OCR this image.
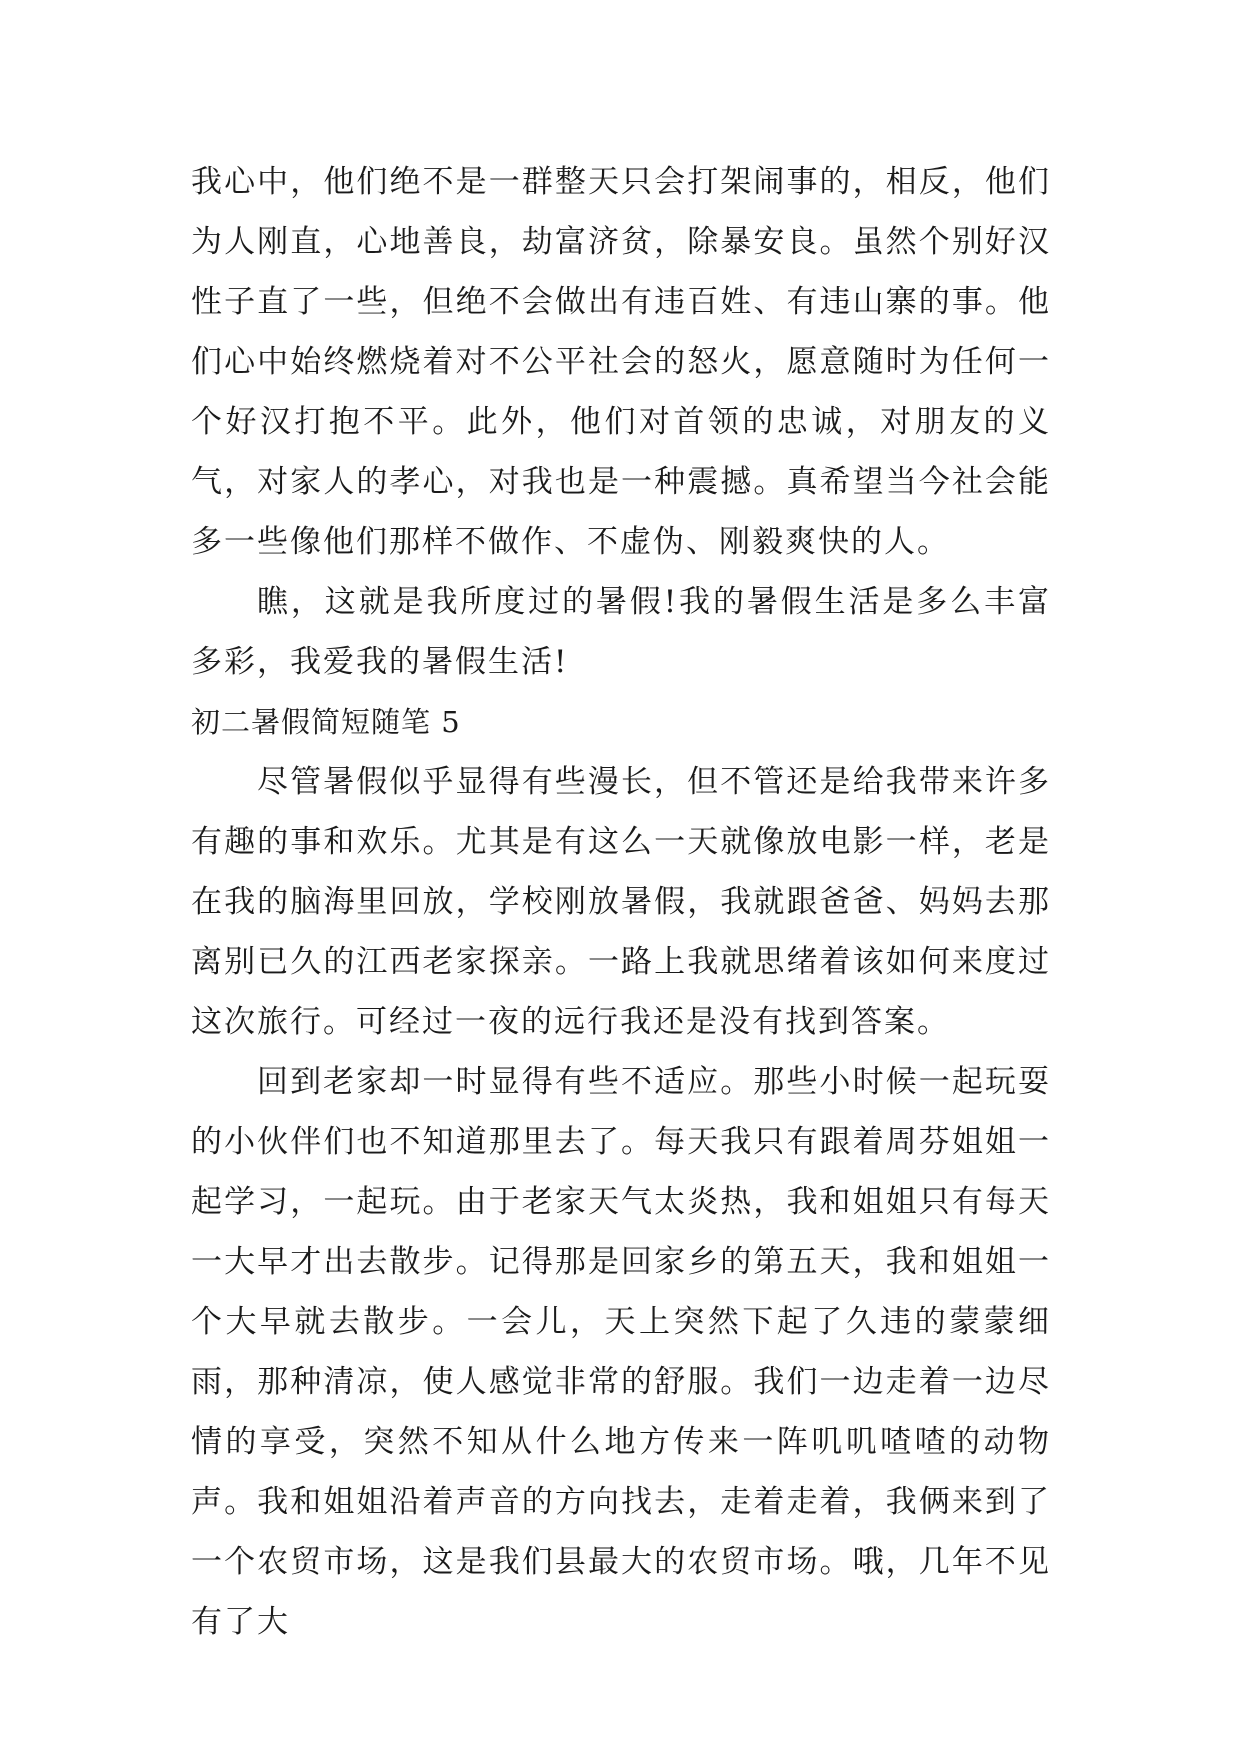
我心中，他们绝不是一群整天只会打架闹事的，相反，他们为人刚直，心地善良，劫富济贫，除暴安良。虽然个别好汉性子直了一些，但绝不会做出有违百姓、有违山寨的事。他们心中始终燃烧着对不公平社会的怒火，愿意随时为任何一个好汉打抱不平。此外，他们对首领的忠诚，对朋友的义气，对家人的孝心，对我也是一种震撼。真希望当今社会能多一些像他们那样不做作、不虚伪、刚毅爽快的人。

瞧，这就是我所度过的暑假!我的暑假生活是多么丰富多彩，我爱我的暑假生活!

初二暑假简短随笔 5

尽管暑假似乎显得有些漫长，但不管还是给我带来许多有趣的事和欢乐。尤其是有这么一天就像放电影一样，老是在我的脑海里回放，学校刚放暑假，我就跟爸爸、妈妈去那离别已久的江西老家探亲。一路上我就思绪着该如何来度过这次旅行。可经过一夜的远行我还是没有找到答案。

回到老家却一时显得有些不适应。那些小时候一起玩耍的小伙伴们也不知道那里去了。每天我只有跟着周芬姐姐一起学习，一起玩。由于老家天气太炎热，我和姐姐只有每天一大早才出去散步。记得那是回家乡的第五天，我和姐姐一个大早就去散步。一会儿，天上突然下起了久违的蒙蒙细雨，那种清凉，使人感觉非常的舒服。我们一边走着一边尽情的享受，突然不知从什么地方传来一阵叽叽喳喳的动物声。我和姐姐沿着声音的方向找去，走着走着，我俩来到了一个农贸市场，这是我们县最大的农贸市场。哦，几年不见有了大
